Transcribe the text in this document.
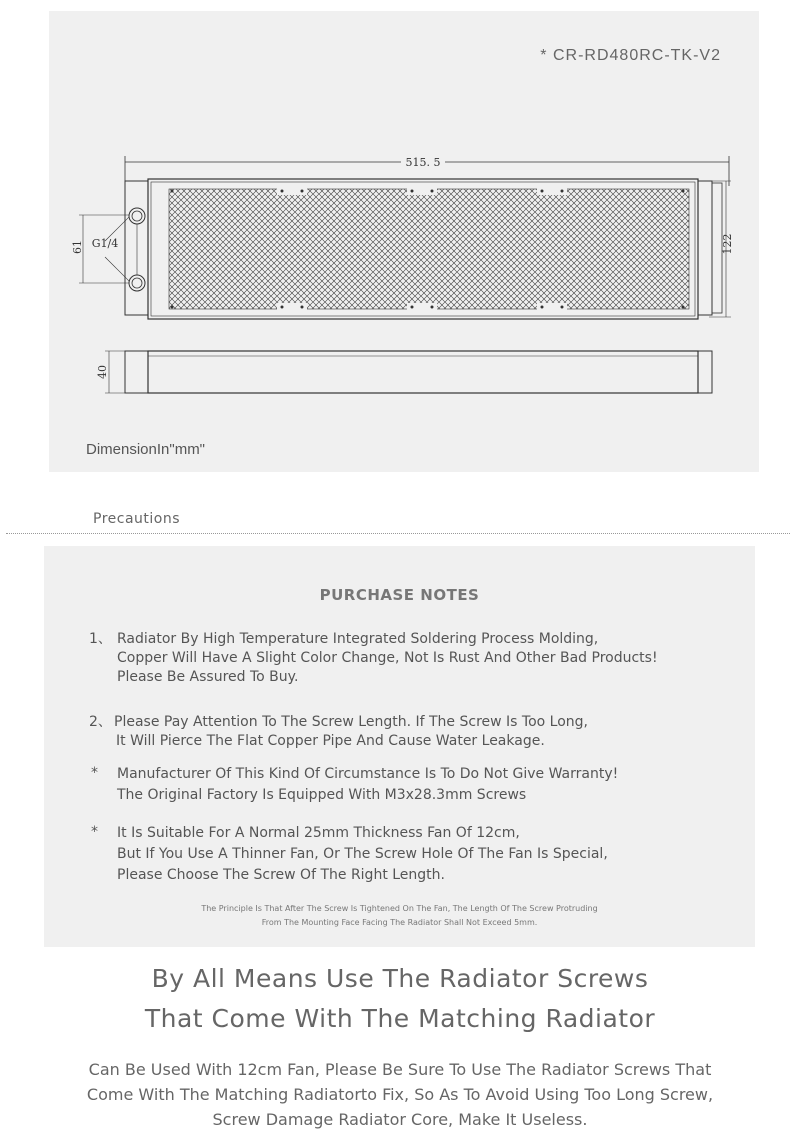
* CR-RD480RC-TK-V2
515. 5
61 G1/4	122
40
DimensionIn"mm"
Precautions
PURCHASE NOTES
1、 Radiator By High Temperature Integrated Soldering Process Molding,
Copper Will Have A Slight Color Change, Not Is Rust And Other Bad Products!
Please Be Assured To Buy.
2、 Please Pay Attention To The Screw Length. If The Screw Is Too Long,
It Will Pierce The Flat Copper Pipe And Cause Water Leakage.
* Manufacturer Of This Kind Of Circumstance Is To Do Not Give Warranty!
The Original Factory Is Equipped With M3x28.3mm Screws
* It Is Suitable For A Normal 25mm Thickness Fan Of 12cm,
But If You Use A Thinner Fan, Or The Screw Hole Of The Fan Is Special,
Please Choose The Screw Of The Right Length.
The Principle Is That After The Screw Is Tightened On The Fan, The Length Of The Screw Protruding
From The Mounting Face Facing The Radiator Shall Not Exceed 5mm.
By All Means Use The Radiator Screws
That Come With The Matching Radiator
Can Be Used With 12cm Fan, Please Be Sure To Use The Radiator Screws That
Come With The Matching Radiatorto Fix, So As To Avoid Using Too Long Screw,
Screw Damage Radiator Core, Make It Useless.
